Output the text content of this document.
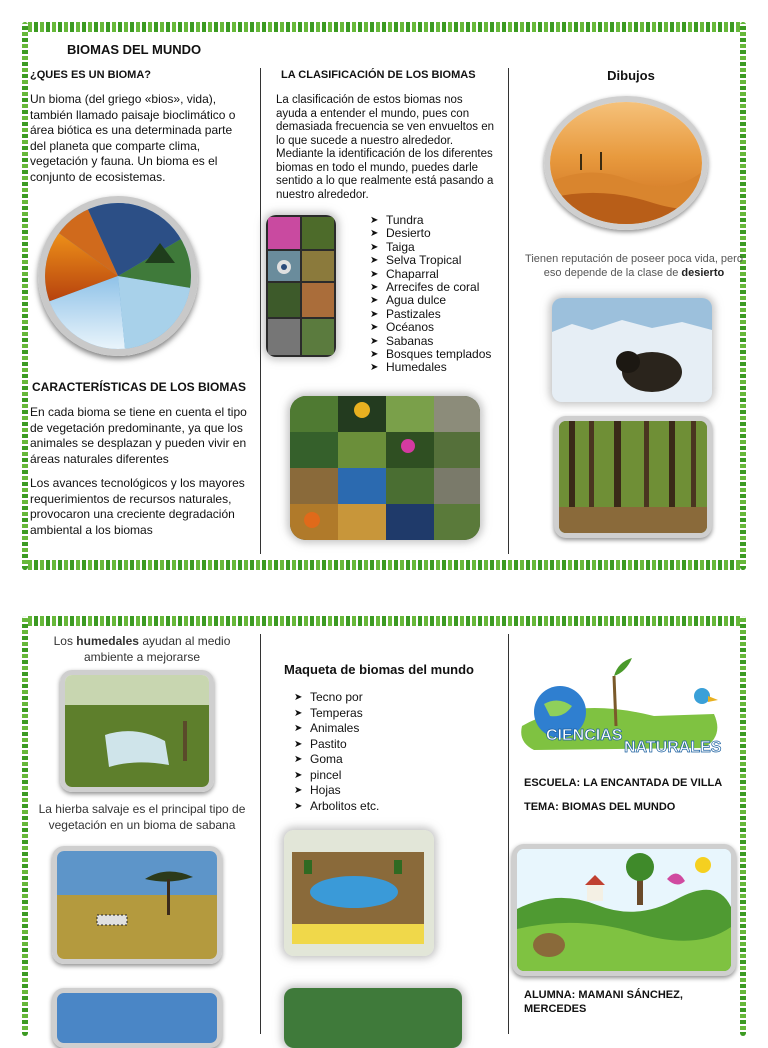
BIOMAS DEL MUNDO
¿QUES ES UN BIOMA?
Un bioma (del griego «bios», vida), también llamado paisaje bioclimático o área biótica es una determinada parte del planeta que comparte clima, vegetación y fauna. Un bioma es el conjunto de ecosistemas.
CARACTERÍSTICAS DE LOS BIOMAS
En cada bioma se tiene en cuenta el tipo de vegetación predominante, ya que los animales se desplazan y pueden vivir en áreas naturales diferentes
Los avances tecnológicos y los mayores requerimientos de recursos naturales, provocaron una creciente degradación ambiental a los biomas
LA CLASIFICACIÓN DE LOS BIOMAS
La clasificación de estos biomas nos ayuda a entender el mundo, pues con demasiada frecuencia se ven envueltos en lo que sucede a nuestro alrededor. Mediante la identificación de los diferentes biomas en todo el mundo, puedes darle sentido a lo que realmente está pasando a nuestro alrededor.
➤ Tundra
➤ Desierto
➤ Taiga
➤ Selva Tropical
➤ Chaparral
➤ Arrecifes de coral
➤ Agua dulce
➤ Pastizales
➤ Océanos
➤ Sabanas
➤ Bosques templados
➤ Humedales
Dibujos
Tienen reputación de poseer poca vida, pero eso depende de la clase de desierto
Los humedales ayudan al medio ambiente a mejorarse
La hierba salvaje es el principal tipo de vegetación en un bioma de sabana
Maqueta de biomas del mundo
➤ Tecno por
➤ Temperas
➤ Animales
➤ Pastito
➤ Goma
➤ pincel
➤ Hojas
➤ Arbolitos etc.
CIENCIAS
NATURALES
ESCUELA: LA ENCANTADA DE VILLA
TEMA: BIOMAS DEL MUNDO
ALUMNA: MAMANI SÁNCHEZ, MERCEDES
